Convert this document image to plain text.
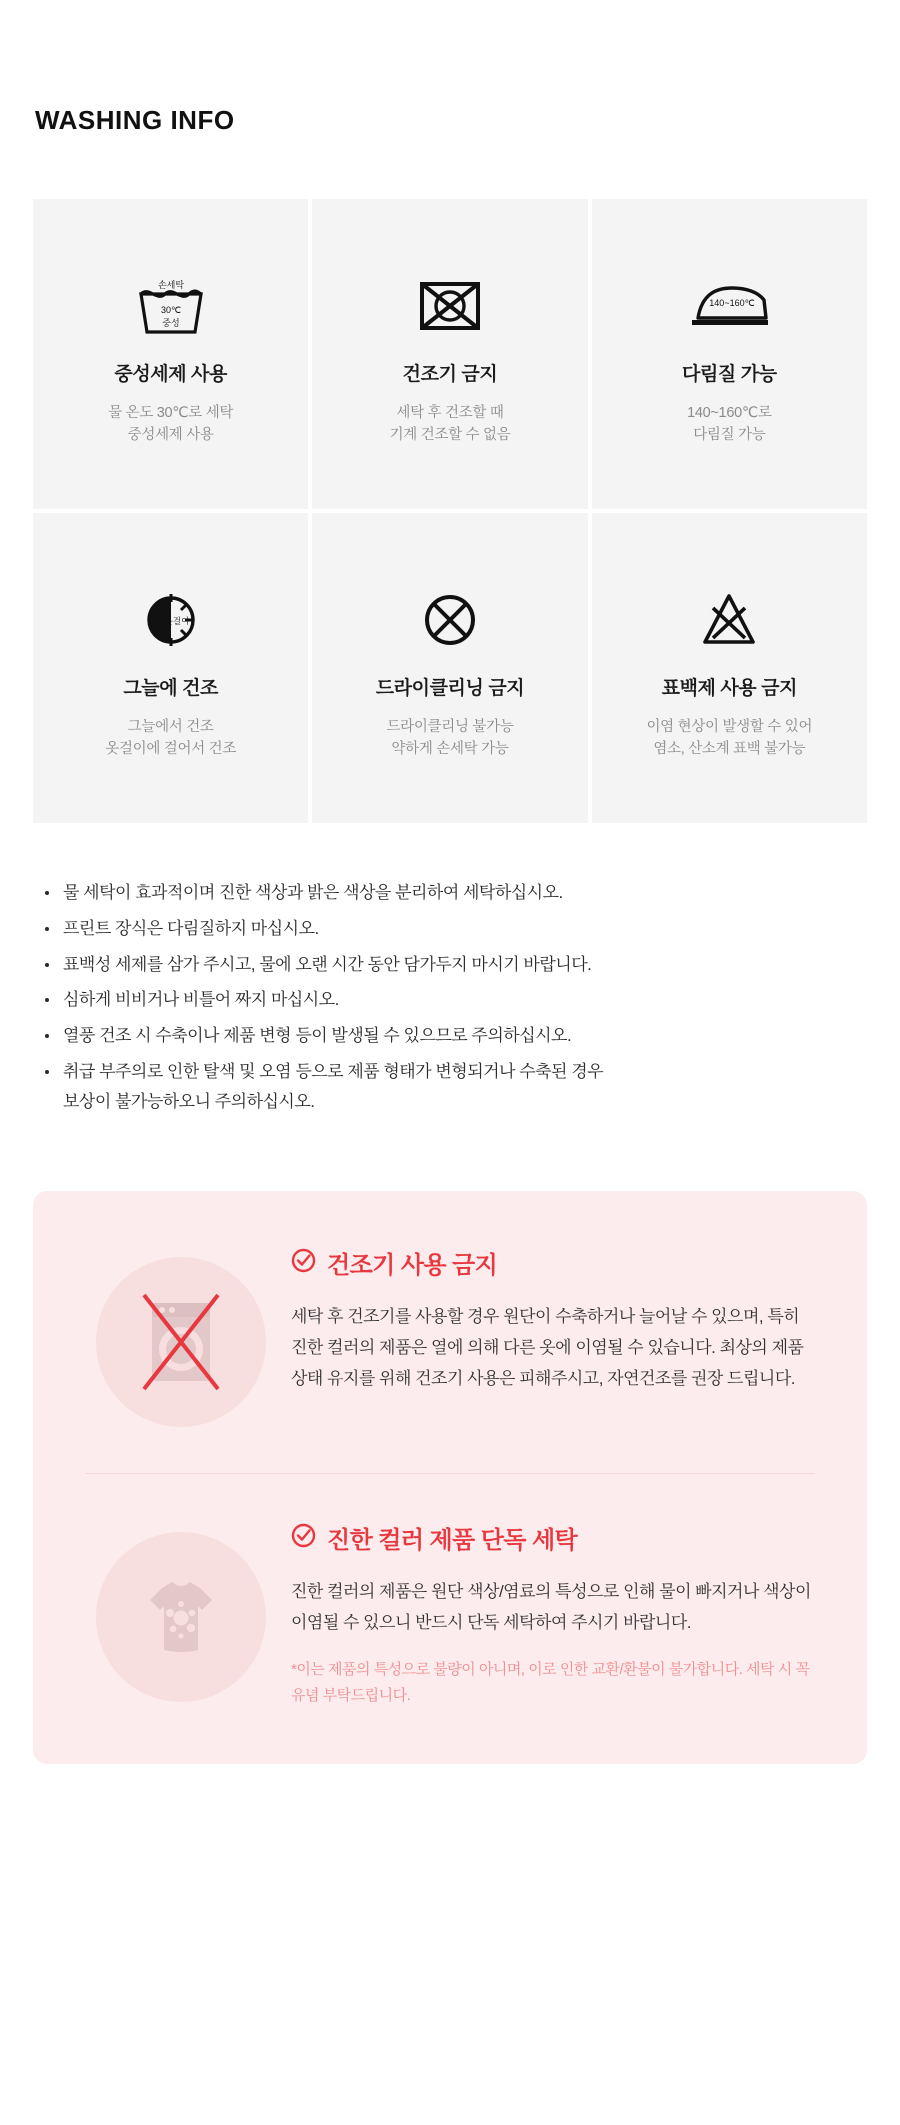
WASHING INFO
손세탁
30℃
중성
중성세제 사용
물 온도 30℃로 세탁
중성세제 사용
건조기 금지
세탁 후 건조할 때
기계 건조할 수 없음
140~160℃
다림질 가능
140~160℃로
다림질 가능
옷걸이
그늘에 건조
그늘에서 건조
옷걸이에 걸어서 건조
드라이클리닝 금지
드라이클리닝 불가능
약하게 손세탁 가능
표백제 사용 금지
이염 현상이 발생할 수 있어
염소, 산소계 표백 불가능
물 세탁이 효과적이며 진한 색상과 밝은 색상을 분리하여 세탁하십시오.
프린트 장식은 다림질하지 마십시오.
표백성 세제를 삼가 주시고, 물에 오랜 시간 동안 담가두지 마시기 바랍니다.
심하게 비비거나 비틀어 짜지 마십시오.
열풍 건조 시 수축이나 제품 변형 등이 발생될 수 있으므로 주의하십시오.
취급 부주의로 인한 탈색 및 오염 등으로 제품 형태가 변형되거나 수축된 경우
보상이 불가능하오니 주의하십시오.
건조기 사용 금지
세탁 후 건조기를 사용할 경우 원단이 수축하거나 늘어날 수 있으며, 특히 진한 컬러의 제품은 열에 의해 다른 옷에 이염될 수 있습니다. 최상의 제품 상태 유지를 위해 건조기 사용은 피해주시고, 자연건조를 권장 드립니다.
진한 컬러 제품 단독 세탁
진한 컬러의 제품은 원단 색상/염료의 특성으로 인해 물이 빠지거나 색상이 이염될 수 있으니 반드시 단독 세탁하여 주시기 바랍니다.
*이는 제품의 특성으로 불량이 아니며, 이로 인한 교환/환불이 불가합니다. 세탁 시 꼭 유념 부탁드립니다.
